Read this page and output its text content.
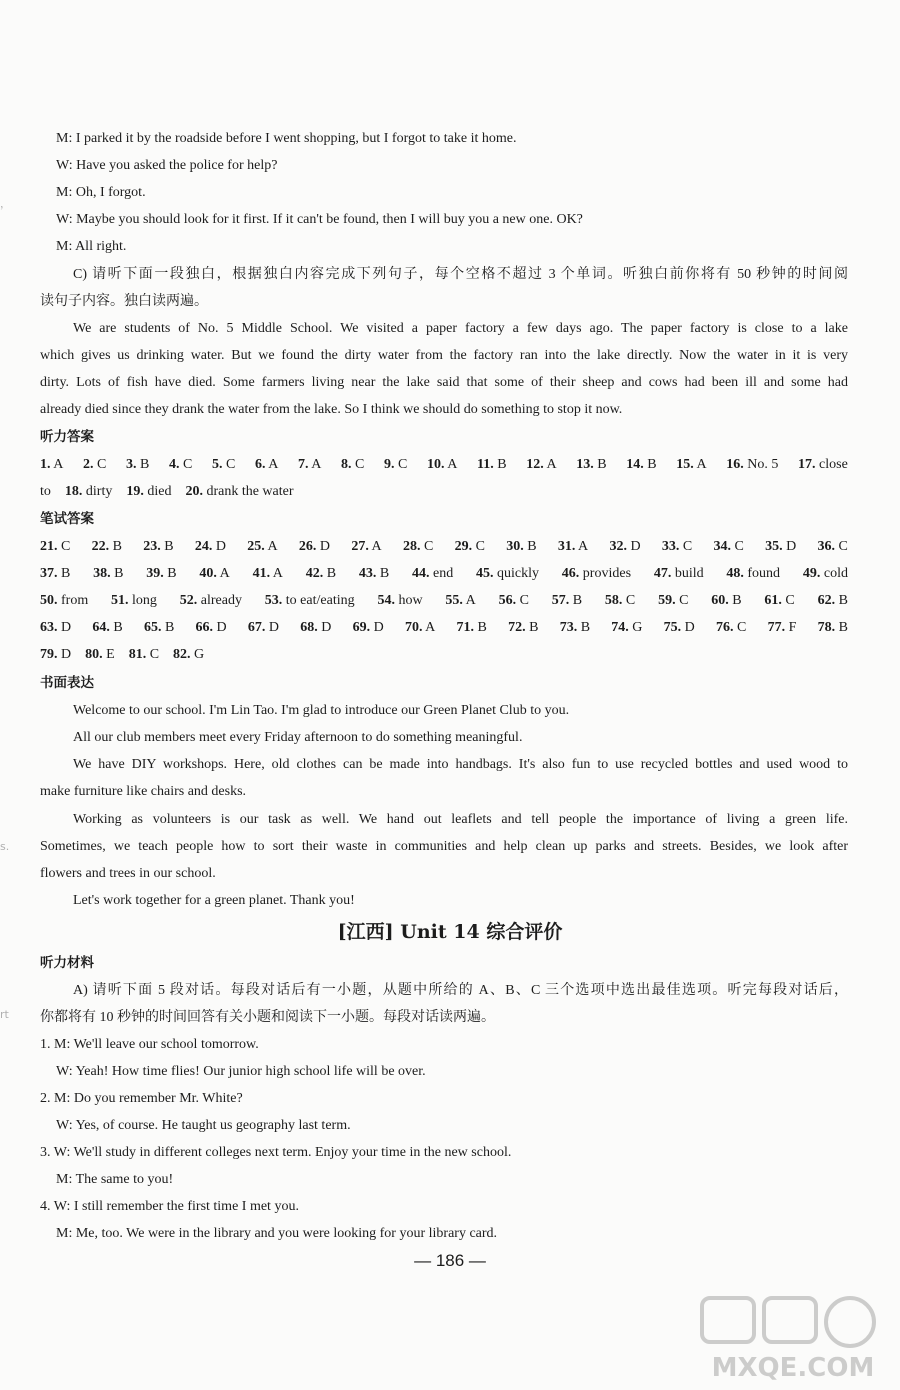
，
s.
rt
M: I parked it by the roadside before I went shopping, but I forgot to take it home.
W: Have you asked the police for help?
M: Oh, I forgot.
W: Maybe you should look for it first. If it can't be found, then I will buy you a new one. OK?
M: All right.
C) 请听下面一段独白，根据独白内容完成下列句子，每个空格不超过 3 个单词。听独白前你将有 50 秒钟的时间阅
读句子内容。独白读两遍。
We are students of No. 5 Middle School. We visited a paper factory a few days ago. The paper factory is close to a lake
which gives us drinking water. But we found the dirty water from the factory ran into the lake directly. Now the water in it is very
dirty. Lots of fish have died. Some farmers living near the lake said that some of their sheep and cows had been ill and some had
already died since they drank the water from the lake. So I think we should do something to stop it now.
听力答案
1. A 2. C 3. B 4. C 5. C 6. A 7. A 8. C 9. C 10. A 11. B 12. A 13. B 14. B 15. A 16. No. 5 17. close
to 18. dirty 19. died 20. drank the water
笔试答案
21. C 22. B 23. B 24. D 25. A 26. D 27. A 28. C 29. C 30. B 31. A 32. D 33. C 34. C 35. D 36. C
37. B 38. B 39. B 40. A 41. A 42. B 43. B 44. end 45. quickly 46. provides 47. build 48. found 49. cold
50. from 51. long 52. already 53. to eat/eating 54. how 55. A 56. C 57. B 58. C 59. C 60. B 61. C 62. B
63. D 64. B 65. B 66. D 67. D 68. D 69. D 70. A 71. B 72. B 73. B 74. G 75. D 76. C 77. F 78. B
79. D 80. E 81. C 82. G
书面表达
Welcome to our school. I'm Lin Tao. I'm glad to introduce our Green Planet Club to you.
All our club members meet every Friday afternoon to do something meaningful.
We have DIY workshops. Here, old clothes can be made into handbags. It's also fun to use recycled bottles and used wood to
make furniture like chairs and desks.
Working as volunteers is our task as well. We hand out leaflets and tell people the importance of living a green life.
Sometimes, we teach people how to sort their waste in communities and help clean up parks and streets. Besides, we look after
flowers and trees in our school.
Let's work together for a green planet. Thank you!
[江西] Unit 14 综合评价
听力材料
A) 请听下面 5 段对话。每段对话后有一小题，从题中所给的 A、B、C 三个选项中选出最佳选项。听完每段对话后，
你都将有 10 秒钟的时间回答有关小题和阅读下一小题。每段对话读两遍。
1. M: We'll leave our school tomorrow.
W: Yeah! How time flies! Our junior high school life will be over.
2. M: Do you remember Mr. White?
W: Yes, of course. He taught us geography last term.
3. W: We'll study in different colleges next term. Enjoy your time in the new school.
M: The same to you!
4. W: I still remember the first time I met you.
M: Me, too. We were in the library and you were looking for your library card.
— 186 —
MXQE.COM
